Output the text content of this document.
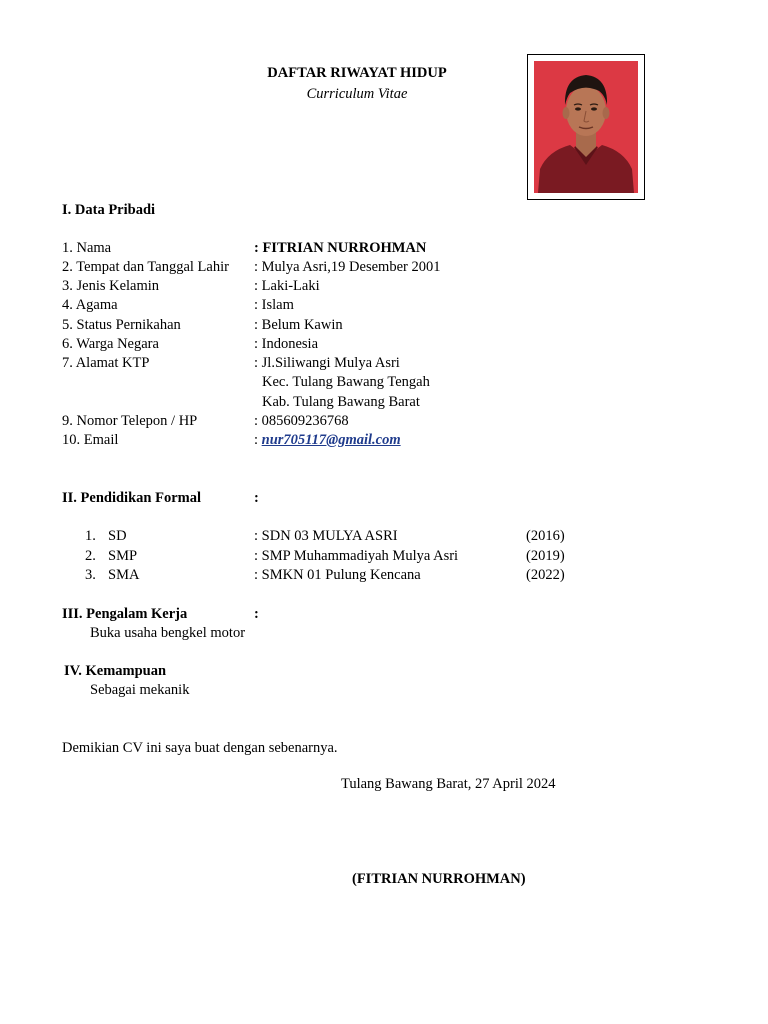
DAFTAR RIWAYAT HIDUP
Curriculum Vitae
I. Data Pribadi
1. Nama	: FITRIAN NURROHMAN
2. Tempat dan Tanggal Lahir : Mulya Asri,19 Desember 2001
3. Jenis Kelamin	: Laki-Laki
4. Agama	: Islam
5. Status Pernikahan	: Belum Kawin
6. Warga Negara	: Indonesia
7. Alamat KTP	: Jl.Siliwangi Mulya Asri
Kec. Tulang Bawang Tengah
Kab. Tulang Bawang Barat
9. Nomor Telepon / HP	: 085609236768
10. Email	: nur705117@gmail.com
II. Pendidikan Formal	:
1. SD	: SDN 03 MULYA ASRI	(2016)
2. SMP	: SMP Muhammadiyah Mulya Asri	(2019)
3. SMA	: SMKN 01 Pulung Kencana	(2022)
III. Pengalam Kerja	:
Buka usaha bengkel motor
IV. Kemampuan
Sebagai mekanik
Demikian CV ini saya buat dengan sebenarnya.
Tulang Bawang Barat, 27 April 2024
(FITRIAN NURROHMAN)
